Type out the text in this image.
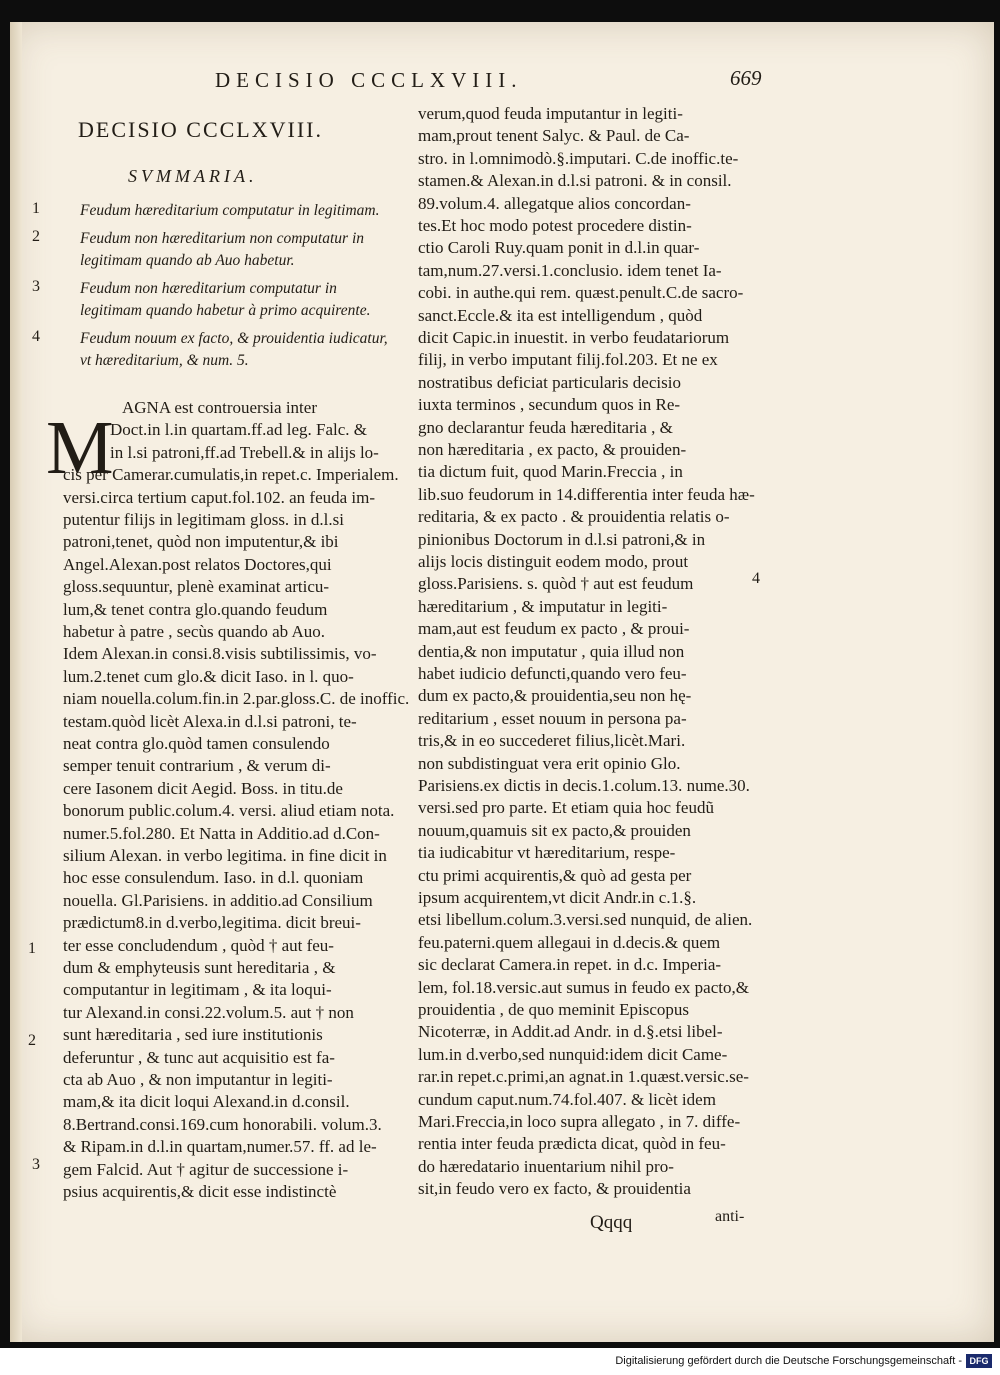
DECISIO CCCLXVIII.	669
DECISIO CCCLXVIII.
SVMMARIA.
1	Feudum hæreditarium computatur in legitimam.
2	Feudum non hæreditarium non computatur in legitimam quando ab Auo habetur.
3	Feudum non hæreditarium computatur in legitimam quando habetur à primo acquirente.
4	Feudum nouum ex facto, & prouidentia iudicatur, vt hæreditarium, & num. 5.
M AGNA est controuersia inter
Doct.in l.in quartam.ff.ad leg. Falc. &
in l.si patroni,ff.ad Trebell.& in alijs lo-
cis per Camerar.cumulatis,in repet.c. Imperialem.
versi.circa tertium caput.fol.102. an feuda im-
putentur filijs in legitimam gloss. in d.l.si
patroni,tenet, quòd non imputentur,& ibi
Angel.Alexan.post relatos Doctores,qui
gloss.sequuntur, plenè examinat articu-
lum,& tenet contra glo.quando feudum
habetur à patre , secùs quando ab Auo.
Idem Alexan.in consi.8.visis subtilissimis, vo-
lum.2.tenet cum glo.& dicit Iaso. in l. quo-
niam nouella.colum.fin.in 2.par.gloss.C. de inoffic.
testam.quòd licèt Alexa.in d.l.si patroni, te-
neat contra glo.quòd tamen consulendo
semper tenuit contrarium , & verum di-
cere Iasonem dicit Aegid. Boss. in titu.de
bonorum public.colum.4. versi. aliud etiam nota.
numer.5.fol.280. Et Natta in Additio.ad d.Con-
silium Alexan. in verbo legitima. in fine dicit in
hoc esse consulendum. Iaso. in d.l. quoniam
nouella. Gl.Parisiens. in additio.ad Consilium
prædictum8.in d.verbo,legitima. dicit breui-
ter esse concludendum , quòd † aut feu-
dum & emphyteusis sunt hereditaria , &
computantur in legitimam , & ita loqui-
tur Alexand.in consi.22.volum.5. aut † non
sunt hæreditaria , sed iure institutionis
deferuntur , & tunc aut acquisitio est fa-
cta ab Auo , & non imputantur in legiti-
mam,& ita dicit loqui Alexand.in d.consil.
8.Bertrand.consi.169.cum honorabili. volum.3.
& Ripam.in d.l.in quartam,numer.57. ff. ad le-
gem Falcid. Aut † agitur de successione i-
psius acquirentis,& dicit esse indistinctè
verum,quod feuda imputantur in legiti-
mam,prout tenent Salyc. & Paul. de Ca-
stro. in l.omnimodò.§.imputari. C.de inoffic.te-
stamen.& Alexan.in d.l.si patroni. & in consil.
89.volum.4. allegatque alios concordan-
tes.Et hoc modo potest procedere distin-
ctio Caroli Ruy.quam ponit in d.l.in quar-
tam,num.27.versi.1.conclusio. idem tenet Ia-
cobi. in authe.qui rem. quæst.penult.C.de sacro-
sanct.Eccle.& ita est intelligendum , quòd
dicit Capic.in inuestit. in verbo feudatariorum
filij, in verbo imputant filij.fol.203. Et ne ex
nostratibus deficiat particularis decisio
iuxta terminos , secundum quos in Re-
gno declarantur feuda hæreditaria , &
non hæreditaria , ex pacto, & prouiden-
tia dictum fuit, quod Marin.Freccia , in
lib.suo feudorum in 14.differentia inter feuda hæ-
reditaria, & ex pacto . & prouidentia relatis o-
pinionibus Doctorum in d.l.si patroni,& in
alijs locis distinguit eodem modo, prout
gloss.Parisiens. s. quòd † aut est feudum
hæreditarium , & imputatur in legiti-
mam,aut est feudum ex pacto , & proui-
dentia,& non imputatur , quia illud non
habet iudicio defuncti,quando vero feu-
dum ex pacto,& prouidentia,seu non hę-
reditarium , esset nouum in persona pa-
tris,& in eo succederet filius,licèt.Mari.
non subdistinguat vera erit opinio Glo.
Parisiens.ex dictis in decis.1.colum.13. nume.30.
versi.sed pro parte. Et etiam quia hoc feudũ
nouum,quamuis sit ex pacto,& prouiden
tia iudicabitur vt hæreditarium, respe-
ctu primi acquirentis,& quò ad gesta per
ipsum acquirentem,vt dicit Andr.in c.1.§.
etsi libellum.colum.3.versi.sed nunquid, de alien.
feu.paterni.quem allegaui in d.decis.& quem
sic declarat Camera.in repet. in d.c. Imperia-
lem, fol.18.versic.aut sumus in feudo ex pacto,&
prouidentia , de quo meminit Episcopus
Nicoterræ, in Addit.ad Andr. in d.§.etsi libel-
lum.in d.verbo,sed nunquid:idem dicit Came-
rar.in repet.c.primi,an agnat.in 1.quæst.versic.se-
cundum caput.num.74.fol.407. & licèt idem
Mari.Freccia,in loco supra allegato , in 7. diffe-
rentia inter feuda prædicta dicat, quòd in feu-
do hæredatario inuentarium nihil pro-
sit,in feudo vero ex facto, & prouidentia
1
2
3
4
Qqqq	anti-
Digitalisierung gefördert durch die Deutsche Forschungsgemeinschaft - DFG
